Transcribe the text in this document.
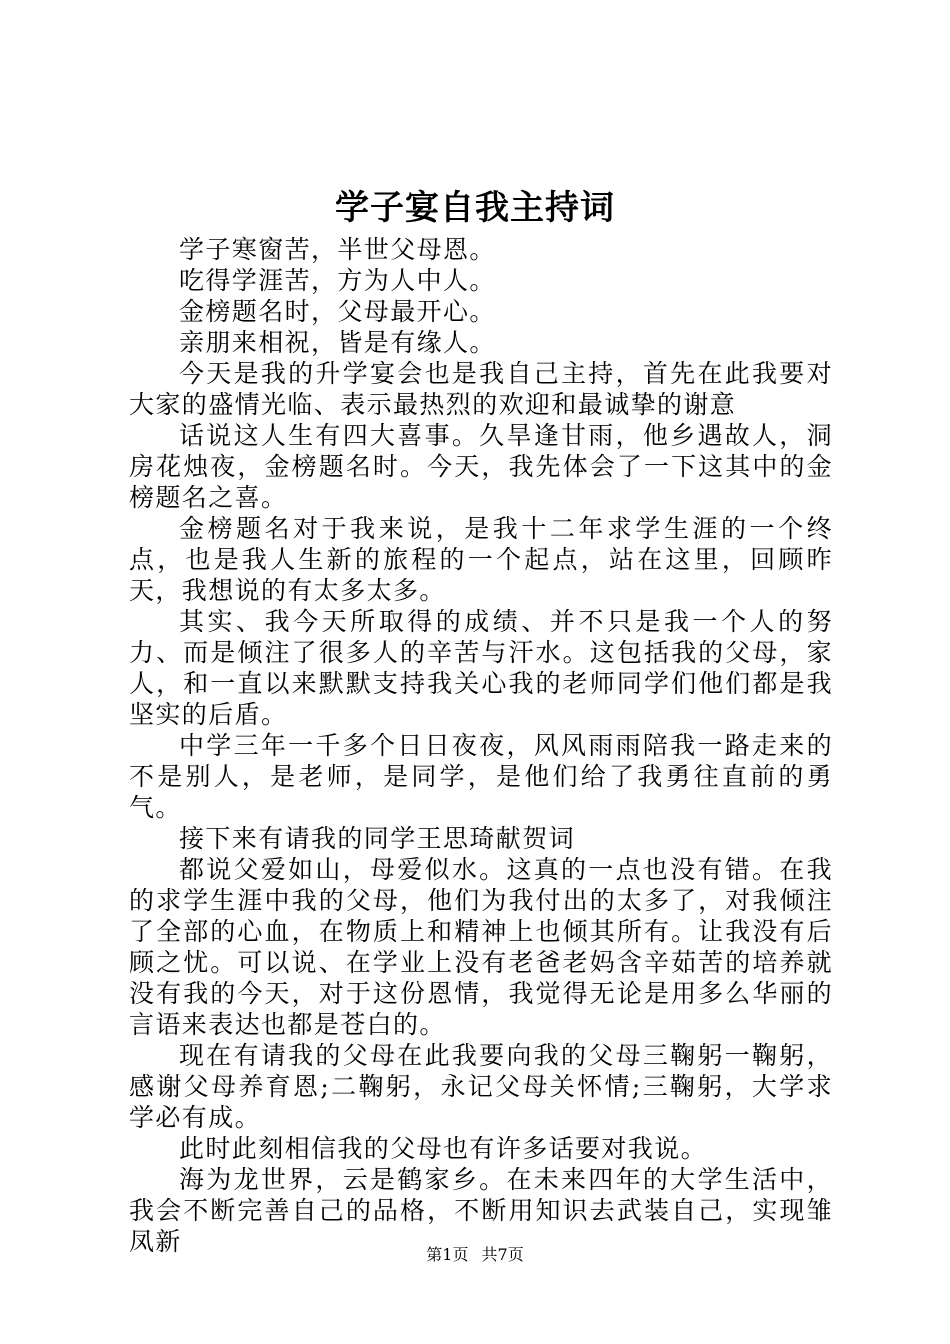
学子宴自我主持词

学子寒窗苦，半世父母恩。

吃得学涯苦，方为人中人。

金榜题名时，父母最开心。

亲朋来相祝，皆是有缘人。

今天是我的升学宴会也是我自己主持，首先在此我要对大家的盛情光临、表示最热烈的欢迎和最诚挚的谢意

话说这人生有四大喜事。久旱逢甘雨，他乡遇故人，洞房花烛夜，金榜题名时。今天，我先体会了一下这其中的金榜题名之喜。

金榜题名对于我来说，是我十二年求学生涯的一个终点，也是我人生新的旅程的一个起点，站在这里，回顾昨天，我想说的有太多太多。

其实、我今天所取得的成绩、并不只是我一个人的努力、而是倾注了很多人的辛苦与汗水。这包括我的父母，家人，和一直以来默默支持我关心我的老师同学们他们都是我坚实的后盾。

中学三年一千多个日日夜夜，风风雨雨陪我一路走来的不是别人，是老师，是同学，是他们给了我勇往直前的勇气。

接下来有请我的同学王思琦献贺词

都说父爱如山，母爱似水。这真的一点也没有错。在我的求学生涯中我的父母，他们为我付出的太多了，对我倾注了全部的心血，在物质上和精神上也倾其所有。让我没有后顾之忧。可以说、在学业上没有老爸老妈含辛茹苦的培养就没有我的今天，对于这份恩情，我觉得无论是用多么华丽的言语来表达也都是苍白的。

现在有请我的父母在此我要向我的父母三鞠躬一鞠躬，感谢父母养育恩;二鞠躬，永记父母关怀情;三鞠躬，大学求学必有成。

此时此刻相信我的父母也有许多话要对我说。

海为龙世界，云是鹤家乡。在未来四年的大学生活中，我会不断完善自己的品格，不断用知识去武装自己，实现雏凤新	第1页 共7页
